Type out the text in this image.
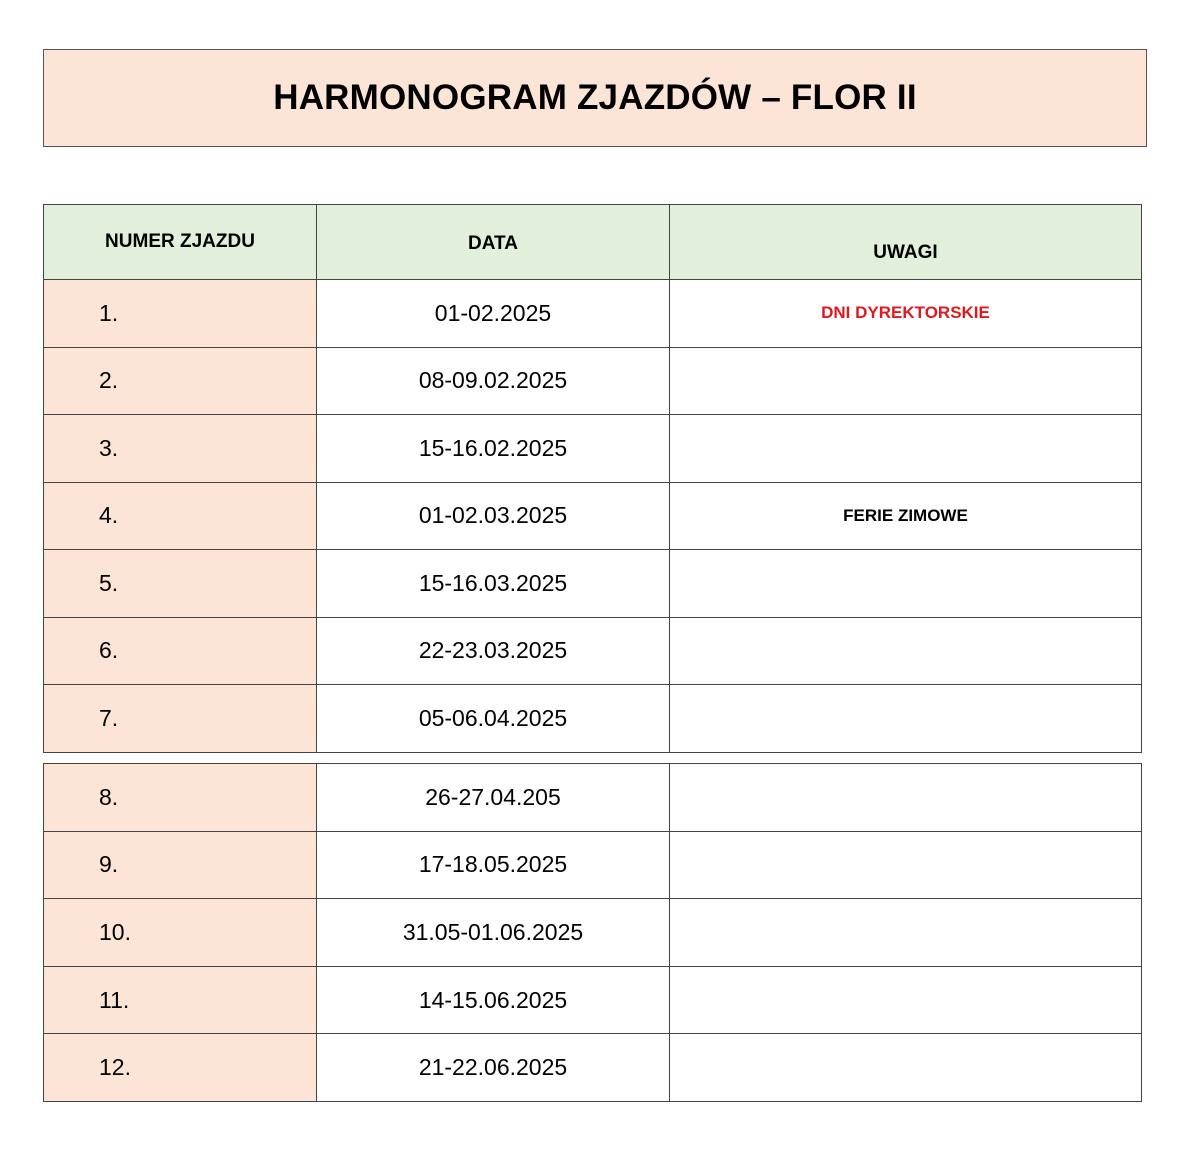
HARMONOGRAM ZJAZDÓW – FLOR II
NUMER ZJAZDU	DATA	UWAGI
1.	01-02.2025	DNI DYREKTORSKIE
2.	08-09.02.2025	
3.	15-16.02.2025	
4.	01-02.03.2025	FERIE ZIMOWE
5.	15-16.03.2025	
6.	22-23.03.2025	
7.	05-06.04.2025	
8.	26-27.04.205	
9.	17-18.05.2025	
10.	31.05-01.06.2025	
11.	14-15.06.2025	
12.	21-22.06.2025	
